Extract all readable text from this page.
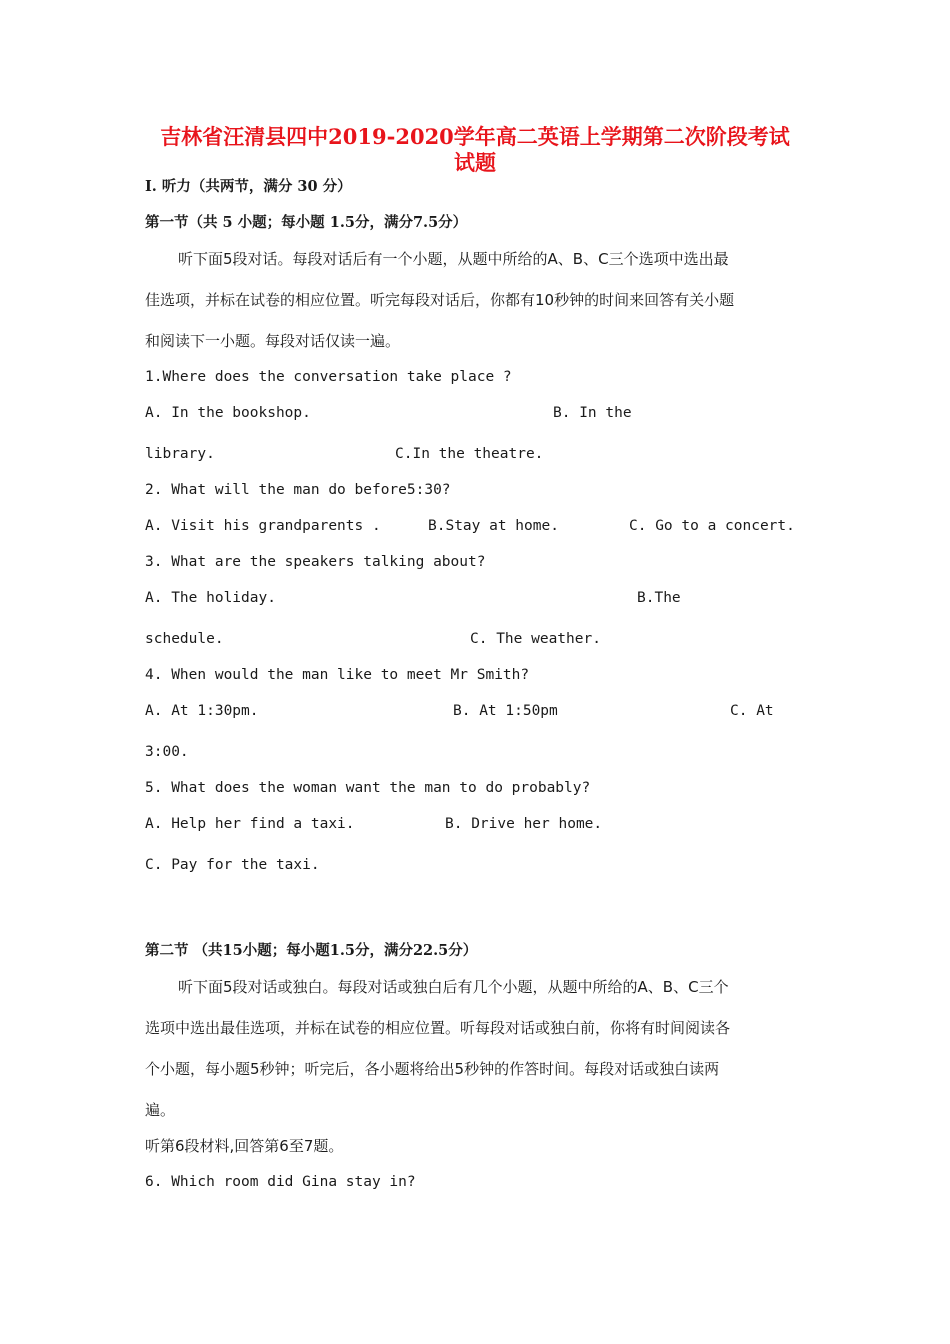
吉林省汪清县四中2019-2020学年高二英语上学期第二次阶段考试
试题
I. 听力（共两节，满分 30 分）
第一节（共 5 小题；每小题 1.5分，满分7.5分）
听下面5段对话。每段对话后有一个小题，从题中所给的A、B、C三个选项中选出最
佳选项，并标在试卷的相应位置。听完每段对话后，你都有10秒钟的时间来回答有关小题
和阅读下一小题。每段对话仅读一遍。
1.Where does the conversation take place ?
A. In the bookshop.	B. In the
library.	C.In the theatre.
2. What will the man do before5:30?
A. Visit his grandparents .	B.Stay at home.	C. Go to a concert.
3. What are the speakers talking about?
A. The holiday.	B.The
schedule.	C. The weather.
4. When would the man like to meet Mr Smith?
A. At 1:30pm.	B. At 1:50pm	C. At
3:00.
5. What does the woman want the man to do probably?
A. Help her find a taxi.	B. Drive her home.
C. Pay for the taxi.
第二节 （共15小题；每小题1.5分，满分22.5分）
听下面5段对话或独白。每段对话或独白后有几个小题，从题中所给的A、B、C三个
选项中选出最佳选项，并标在试卷的相应位置。听每段对话或独白前，你将有时间阅读各
个小题，每小题5秒钟；听完后，各小题将给出5秒钟的作答时间。每段对话或独白读两
遍。
听第6段材料,回答第6至7题。
6. Which room did Gina stay in?
